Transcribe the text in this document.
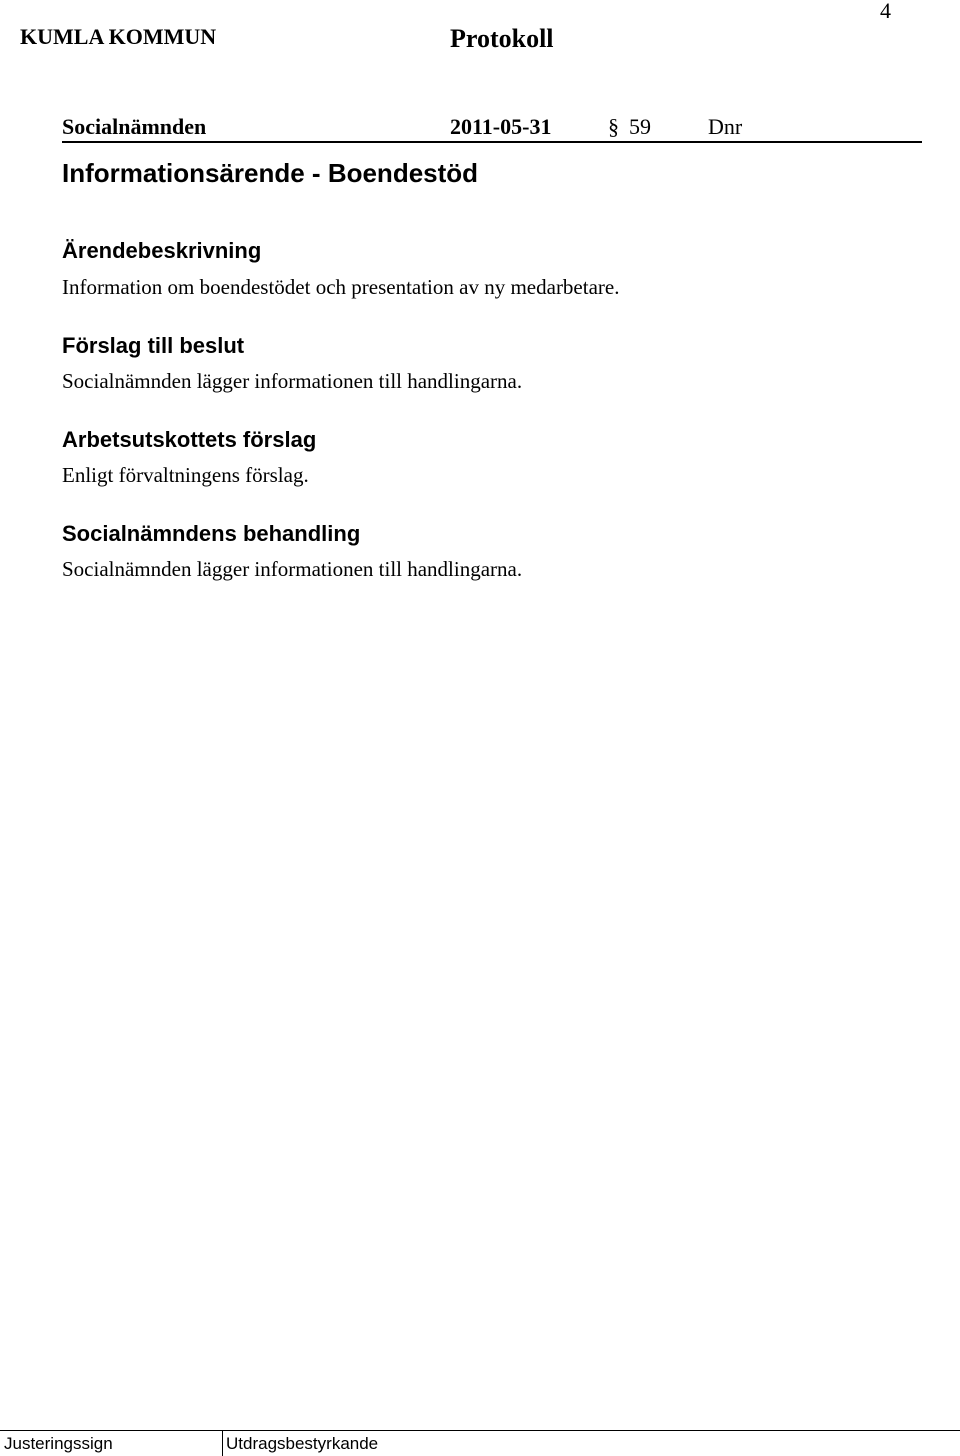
4
KUMLA KOMMUN	Protokoll
Socialnämnden	2011-05-31	§ 59	Dnr
Informationsärende - Boendestöd
Ärendebeskrivning
Information om boendestödet och presentation av ny medarbetare.
Förslag till beslut
Socialnämnden lägger informationen till handlingarna.
Arbetsutskottets förslag
Enligt förvaltningens förslag.
Socialnämndens behandling
Socialnämnden lägger informationen till handlingarna.
Justeringssign	Utdragsbestyrkande
